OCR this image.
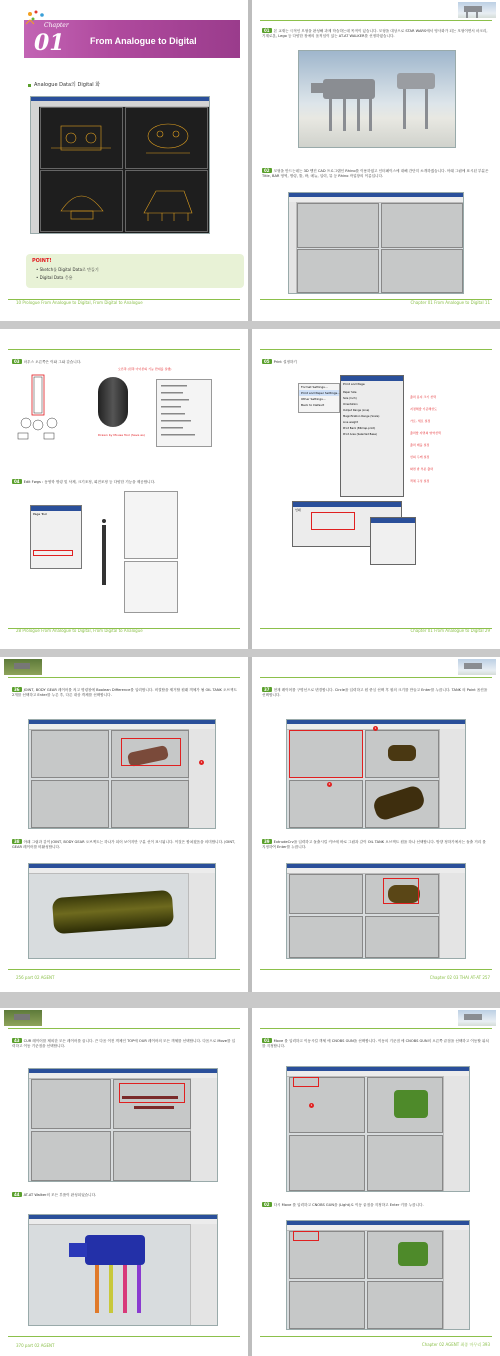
Chapter
01	From Analogue to Digital
Analogue Data의 Digital 화
POINT!
• Sketch를 Digital Data로 만들기
• Digital Data 응용
10 Prologue From Analogue to Digital, From Digital to Analogue
01 본 교재는 극적인 모형을 완성해 과제 학습하는데 목적이 있습니다. 모형을 대상으로 STAR WARS에서 영사화가 되는 모형이면서 마크리, 기계로봇, Lego 등 다양한 장애의 움직임이 있는 AT-AT WALKER를 선정하였습니다.
02 모형을 만드는데는 3D 엔진 CAD 프로그램인 Rhino를 이용하였고 인터페이스에 대해 간단히 소개하겠습니다. 아래 그림에 표시된 부분은 Title, BAR 영역, 명령, 툴, 바, 메뉴, 입력, 뷰 등 Rhino 작업창의 이름입니다.
Chapter 01 From Analogue to Digital 11
03 마우스 오른쪽은 이와 그와 같습니다.
오른쪽 (왼쪽 아이콘의 기능 반대를 실행)
Drawn by Mouse Tool (Save as)
04 Edit Fwgs : 동영학 명령 및 삭제, 크기조정, 회전조정 등 다양한 기능을 제공합니다.
Page Tool
28 Prologue From Analogue to Digital, From Digital to Analogue
05 Print 설정하기
Format Settings...
Print and Paper Settings...
Other Settings...
Back to Default
Print and Page
Paper Size
Size (Inch)
Orientation
Output Range (Line)
Magnification Range (Scale)
Line weight
Print Back (Bitmap-print)
Print Area (Selected Base)
출력 용지 크기 선택
지정해줄 기준해상도
가로, 세로 설정
출력할 자면의 영역선택
출력 배율 설정
선의 두께 설정
화면 밖 부분 출력
객체 구성 설정
인쇄
Chapter 01 From Analogue to Digital 29
36 JOINT, BODY GEAR 레이어를 켜고 명령창에 Boolean Difference를 입력합니다. 비결합을 제거할 원래 객체가 될 OIL TANK 오브젝트 2개를 선택하고 Enter를 누른 후, 다른 대상 객체를 선택합니다.
1
38 아래 그림과 같이 JOINT, BODY GEAR 오브젝트는 하나가 되어 보이지만 구분 선이 표시됩니다. 이것은 합쳐졌음을 의미합니다. JOINT, GEAR 레이어를 비활성합니다.
256 part 02 AGENT
37 현재 레이어를 구명선으로 변경합니다. Circle을 입력하고 원 중심 선택 후 원의 크기를 만들고 Enter를 누릅니다. TANK 의 Point 옵션을 선택합니다.
1
2
39 ExtrudeCrv을 입력하고 돌출시킬 커브에 바로 그림과 같이 OIL TANK 오브젝트 원을 하나 선택합니다. 방향 정하기에서는 돌출 거리 를 지정하여 Enter를 누릅니다.
Chapter 02 03 THAI AT-AT 257
43 CUR 레이어를 제외한 모든 레이어를 끕니다. 끈 다음 이전 객체인 TOP에 OUR 레이어의 모든 객체를 선택합니다. 다음으로 Move를 입력하고 이동 기준점을 선택합니다.
44 AT-AT Walker의 모든 부품이 완성되었습니다.
370 part 02 AGENT
01 Move 를 입력하고 이동시킬 객체 에 CNOBS GUN을 선택합니다. 이동의 기준점 에 CNOBS GUN의 오른쪽 끝점을 선택하고 이동할 위치를 지정합니다.
1
02 다시 Move 를 입력하고 CNOBS GUN을 (Light)로 이동 끝점을 지정하고 Enter 키를 누릅니다.
Chapter 02 AGENT 최종 마무리 393
